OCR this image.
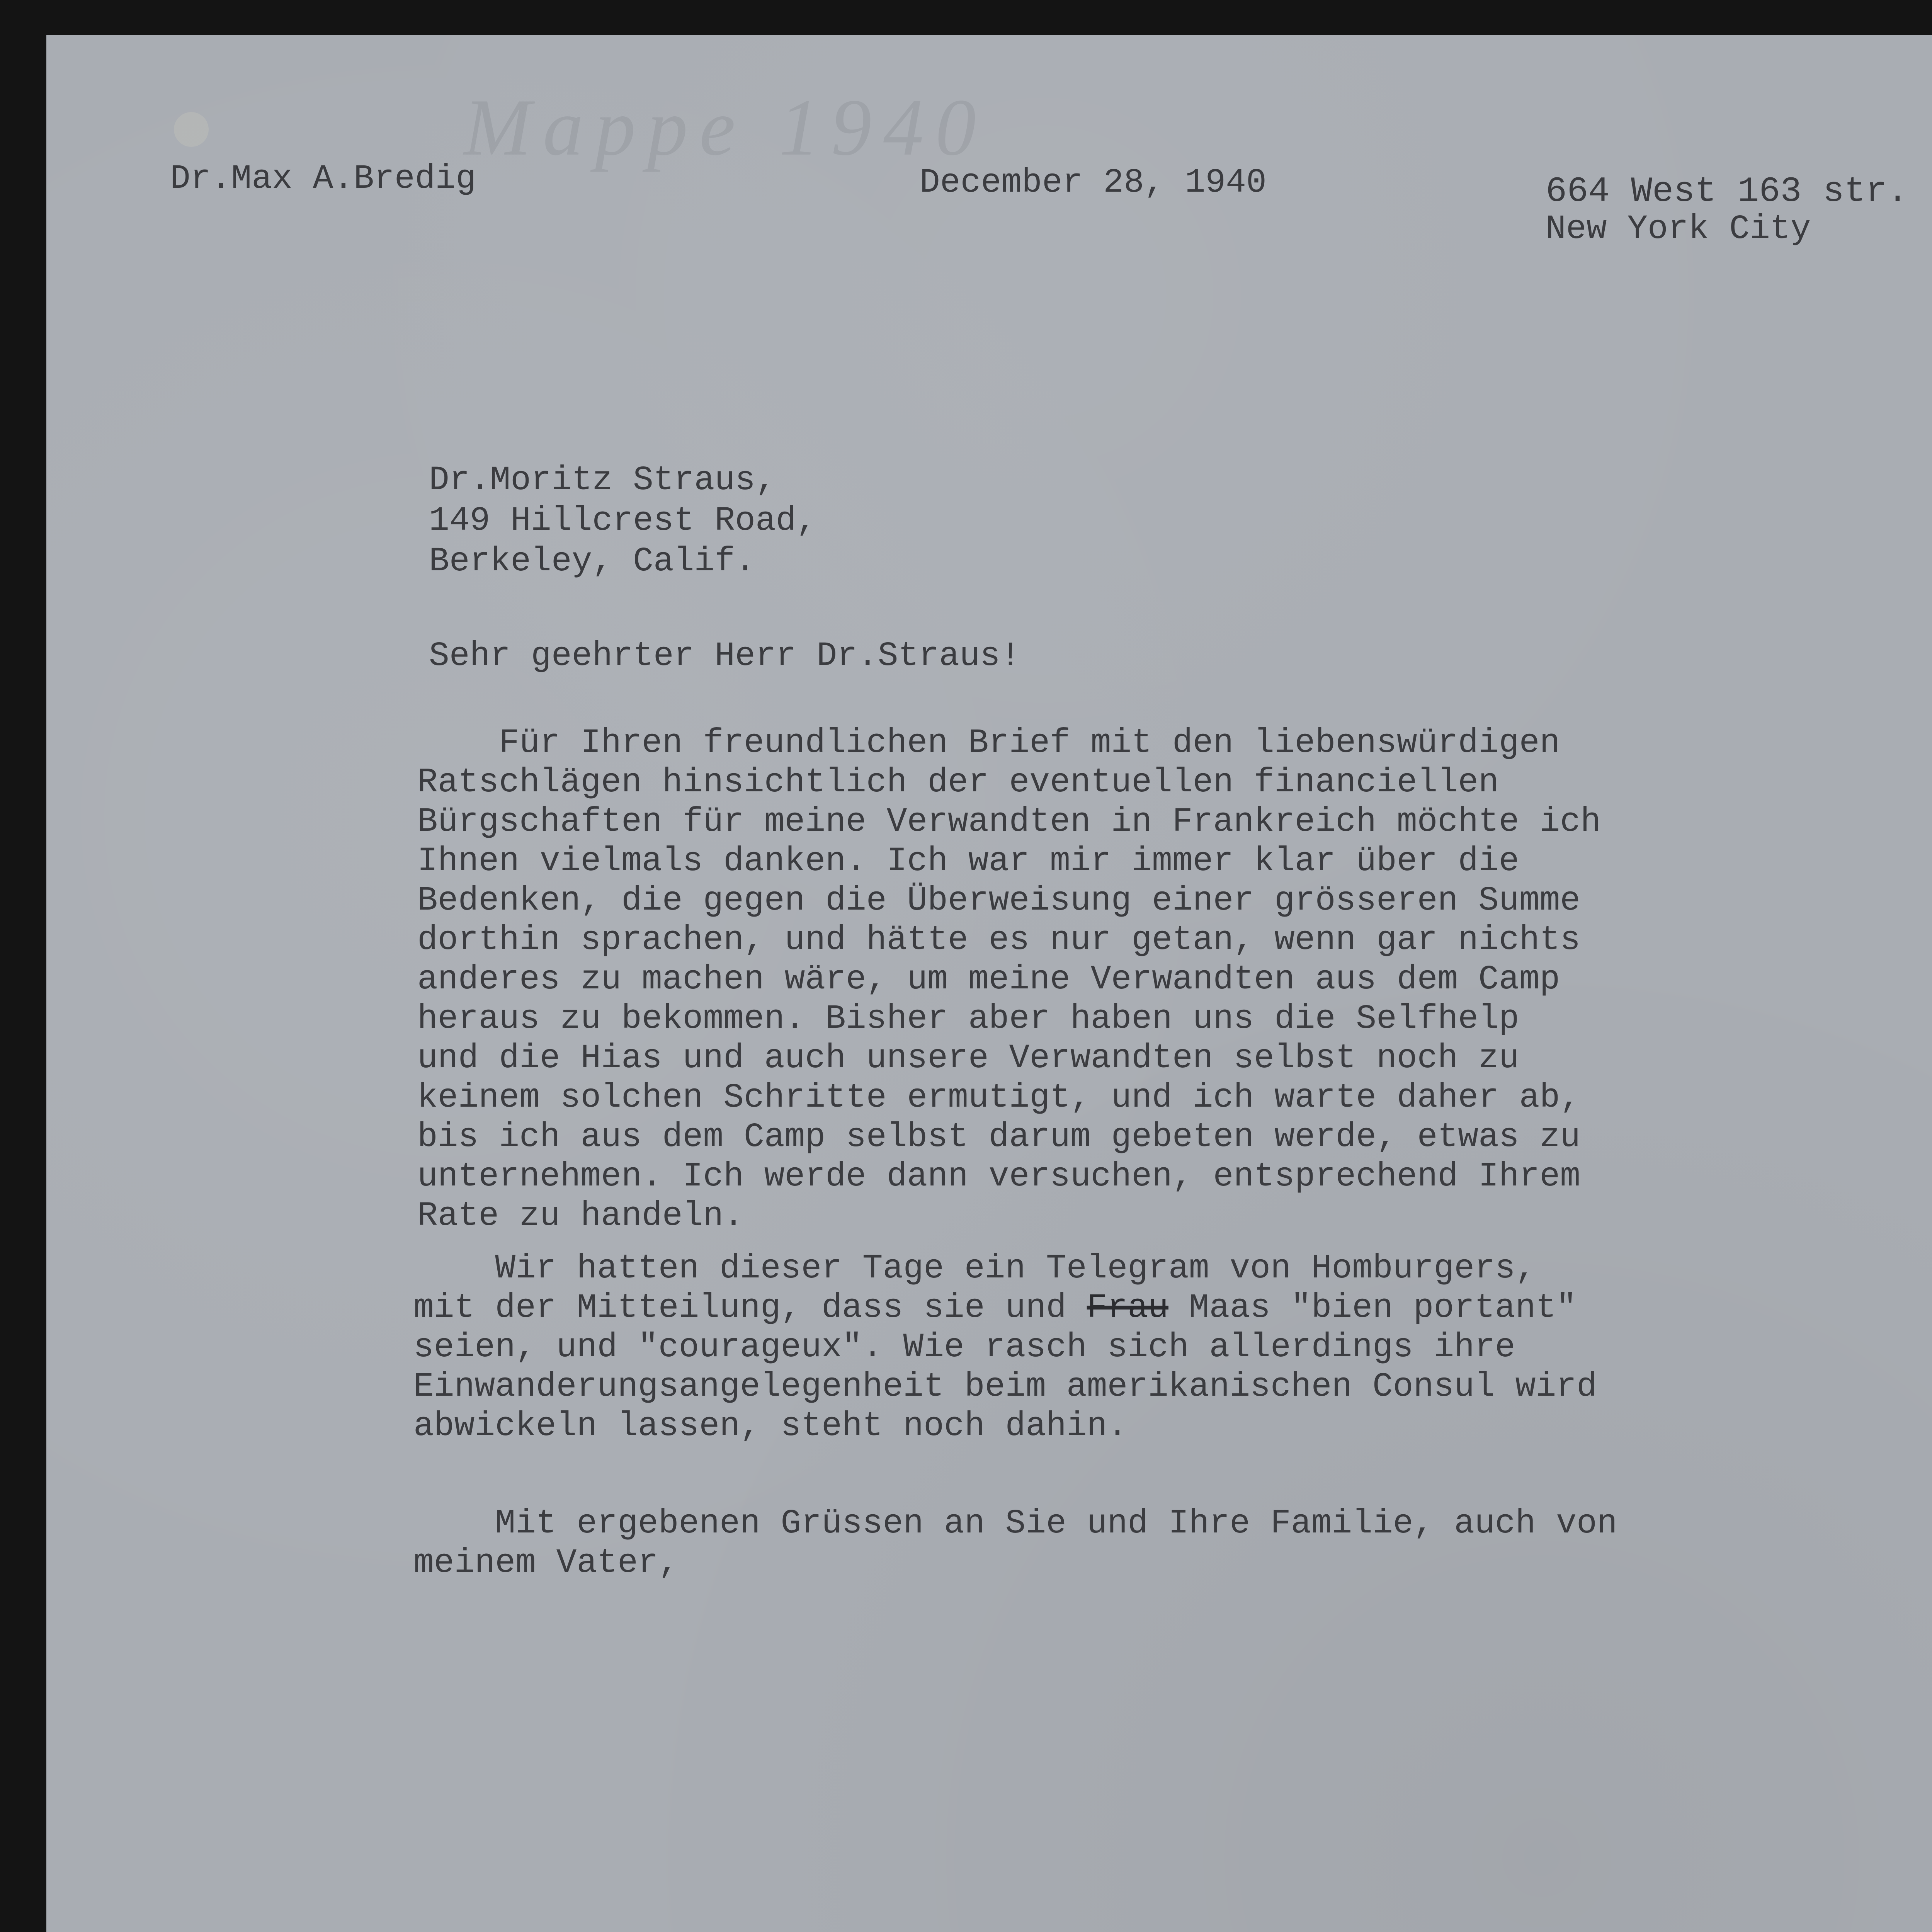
Mappe 1940
Dr.Max A.Bredig	December 28, 1940	664 West 163 str.
New York City
Dr.Moritz Straus,
149 Hillcrest Road,
Berkeley, Calif.
Sehr geehrter Herr Dr.Straus!
Für Ihren freundlichen Brief mit den liebenswürdigen
Ratschlägen hinsichtlich der eventuellen financiellen
Bürgschaften für meine Verwandten in Frankreich möchte ich
Ihnen vielmals danken. Ich war mir immer klar über die
Bedenken, die gegen die Überweisung einer grösseren Summe
dorthin sprachen, und hätte es nur getan, wenn gar nichts
anderes zu machen wäre, um meine Verwandten aus dem Camp
heraus zu bekommen. Bisher aber haben uns die Selfhelp
und die Hias und auch unsere Verwandten selbst noch zu
keinem solchen Schritte ermutigt, und ich warte daher ab,
bis ich aus dem Camp selbst darum gebeten werde, etwas zu
unternehmen. Ich werde dann versuchen, entsprechend Ihrem
Rate zu handeln.
Wir hatten dieser Tage ein Telegram von Homburgers,
mit der Mitteilung, dass sie und Frau Maas "bien portant"
seien, und "courageux". Wie rasch sich allerdings ihre
Einwanderungsangelegenheit beim amerikanischen Consul wird
abwickeln lassen, steht noch dahin.
Mit ergebenen Grüssen an Sie und Ihre Familie, auch von
meinem Vater,
